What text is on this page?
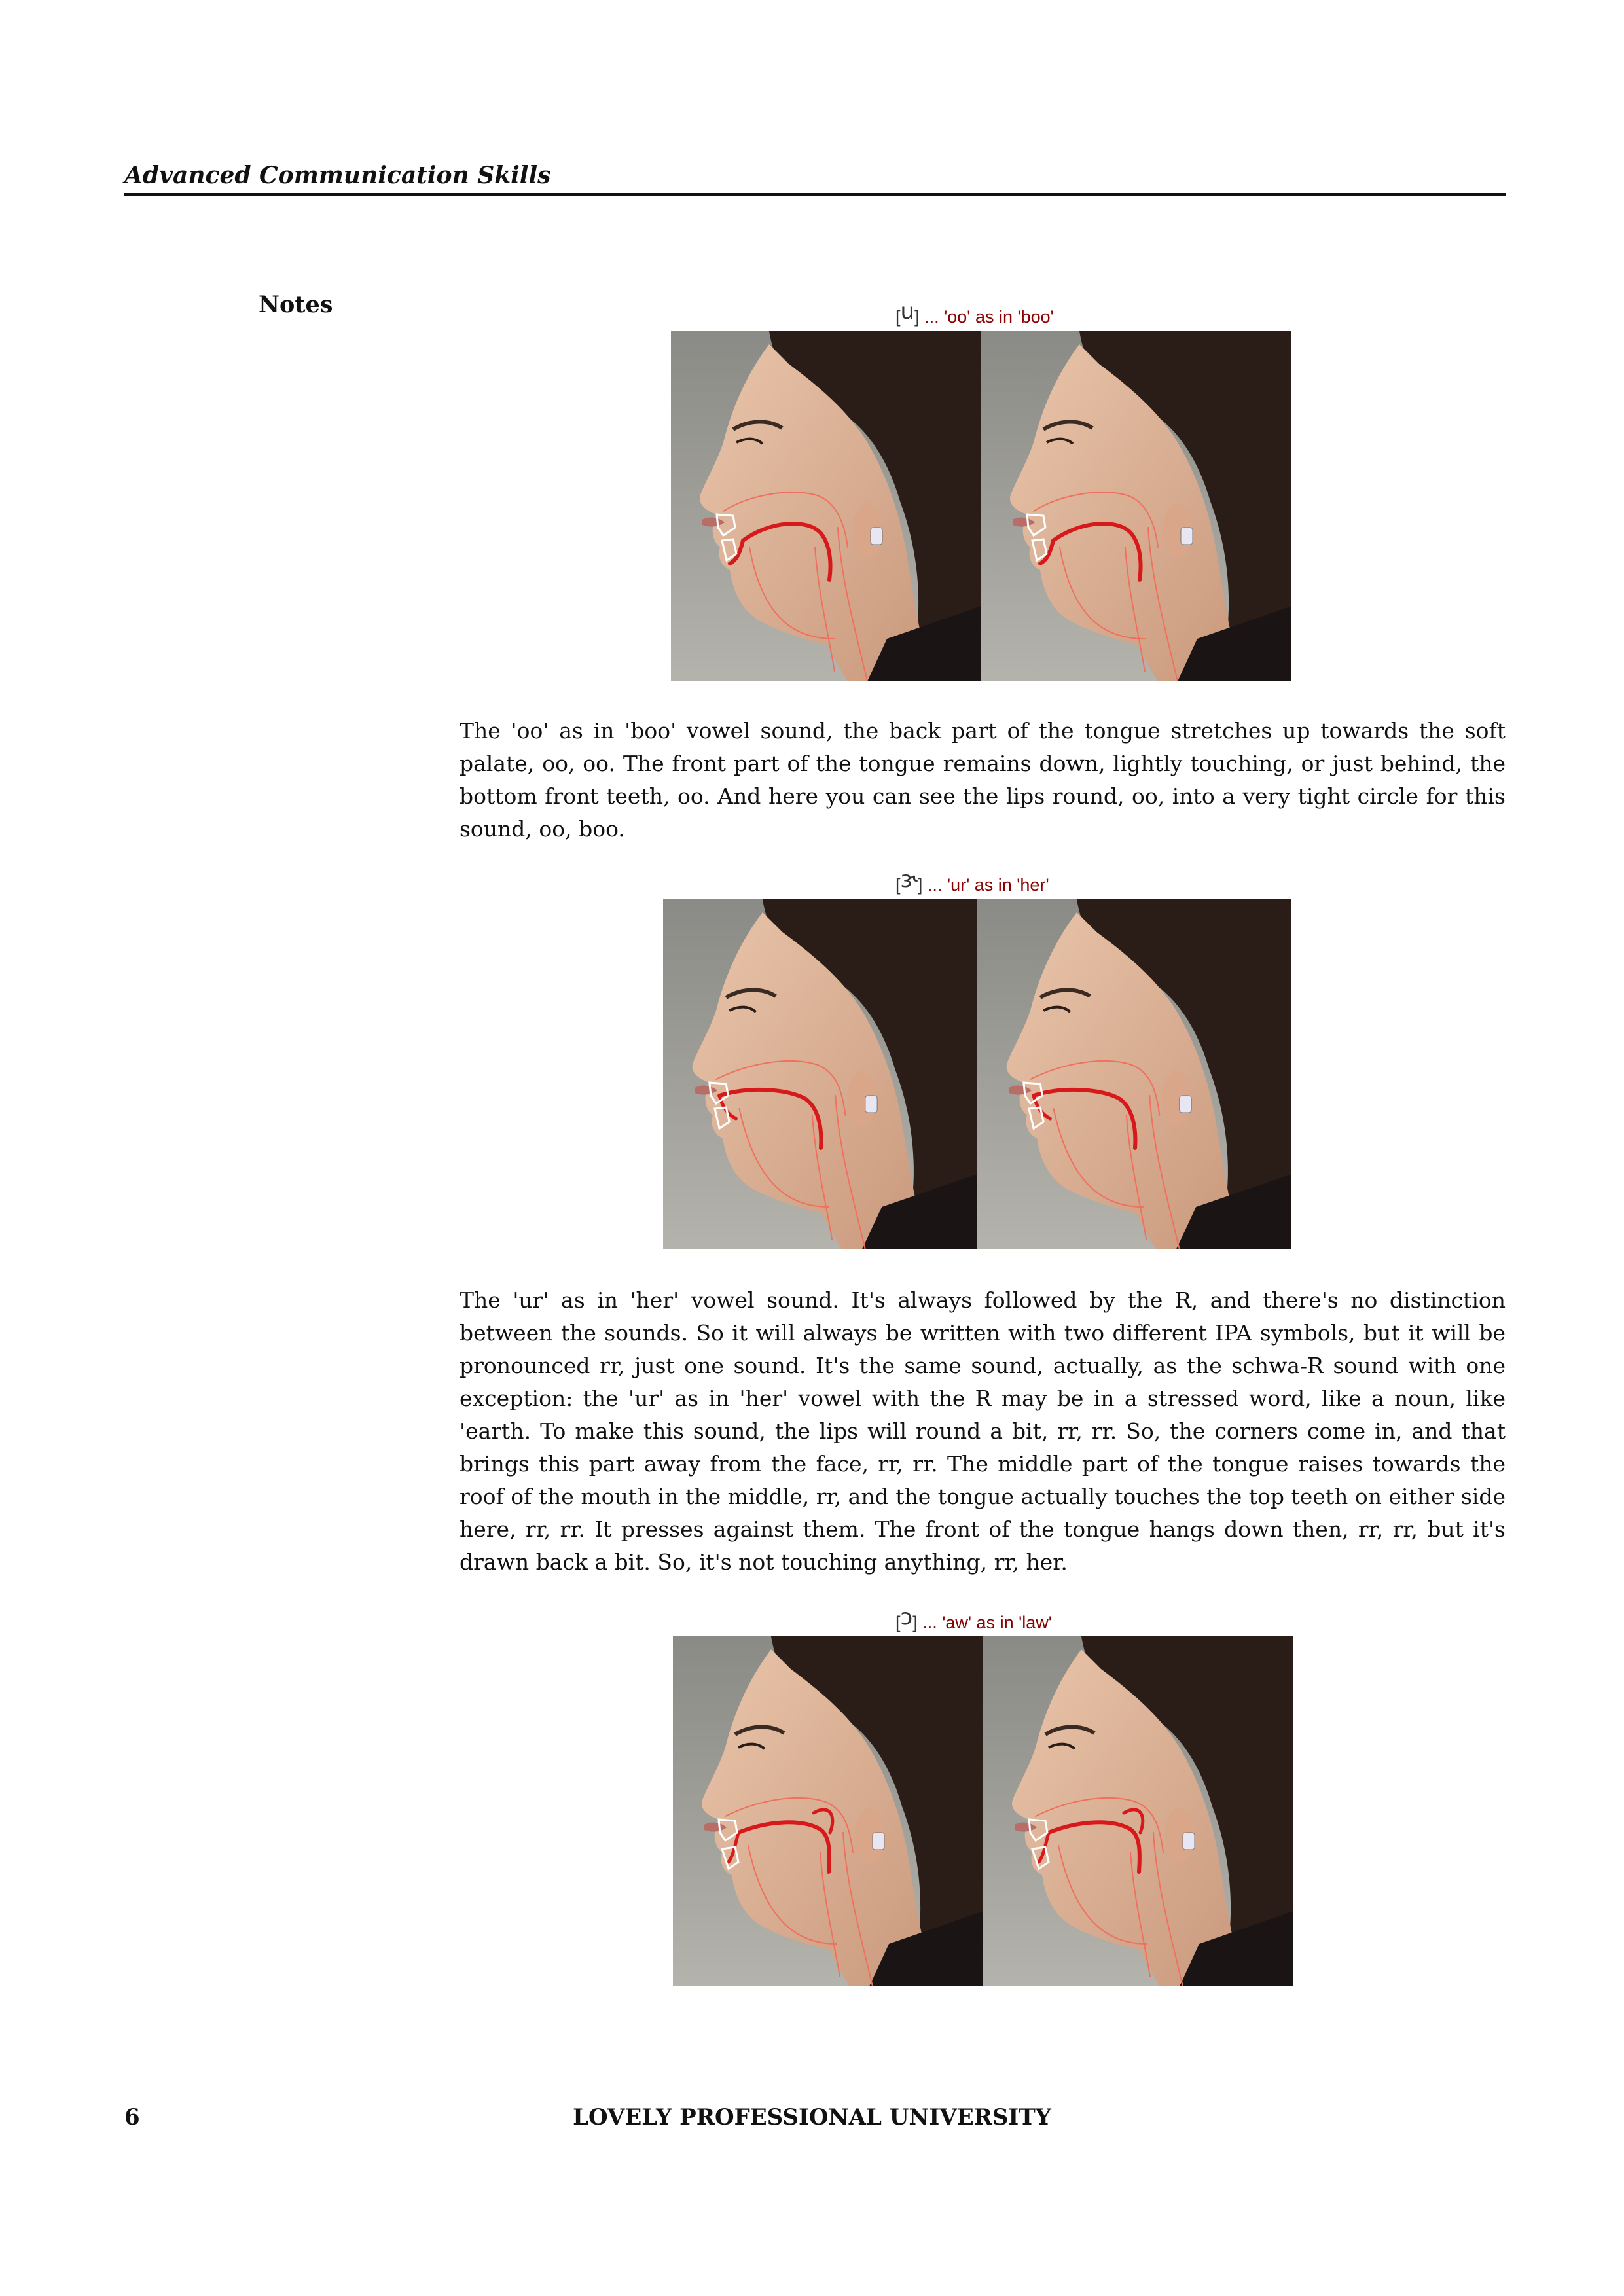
Advanced Communication Skills
Notes	[u] ... 'oo' as in 'boo'
The 'oo' as in 'boo' vowel sound, the back part of the tongue stretches up towards the soft palate, oo, oo. The front part of the tongue remains down, lightly touching, or just behind, the bottom front teeth, oo. And here you can see the lips round, oo, into a very tight circle for this sound, oo, boo.
[ɝ] ... 'ur' as in 'her'
The 'ur' as in 'her' vowel sound. It's always followed by the R, and there's no distinction between the sounds. So it will always be written with two different IPA symbols, but it will be pronounced rr, just one sound. It's the same sound, actually, as the schwa-R sound with one exception: the 'ur' as in 'her' vowel with the R may be in a stressed word, like a noun, like 'earth. To make this sound, the lips will round a bit, rr, rr. So, the corners come in, and that brings this part away from the face, rr, rr. The middle part of the tongue raises towards the roof of the mouth in the middle, rr, and the tongue actually touches the top teeth on either side here, rr, rr. It presses against them. The front of the tongue hangs down then, rr, rr, but it's drawn back a bit. So, it's not touching anything, rr, her.
[ɔ] ... 'aw' as in 'law'
6	LOVELY PROFESSIONAL UNIVERSITY
